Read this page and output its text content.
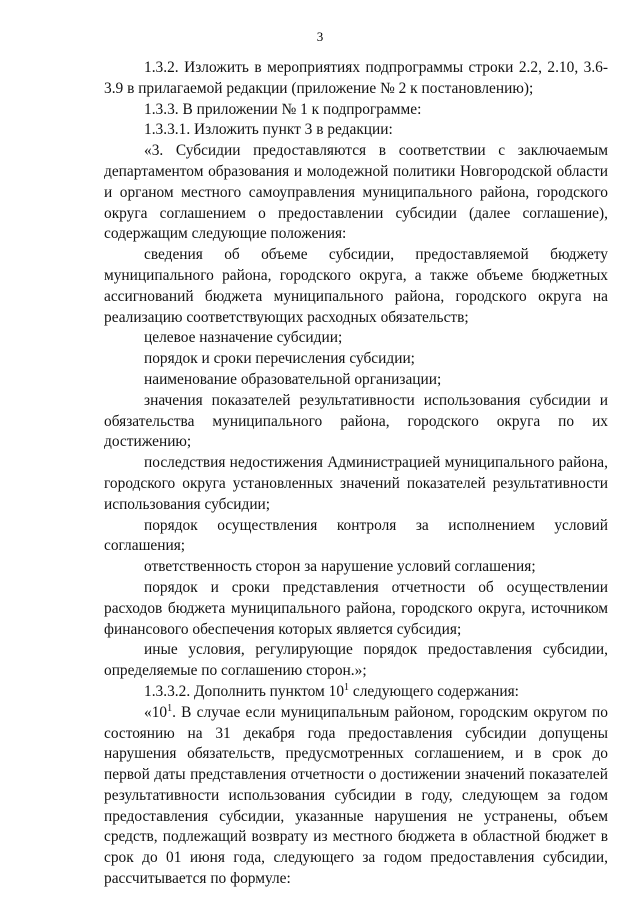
3

1.3.2. Изложить в мероприятиях подпрограммы строки 2.2, 2.10, 3.6-3.9 в прилагаемой редакции (приложение № 2 к постановлению);

1.3.3. В приложении № 1 к подпрограмме:

1.3.3.1. Изложить пункт 3 в редакции:

«3. Субсидии предоставляются в соответствии с заключаемым департаментом образования и молодежной политики Новгородской области и органом местного самоуправления муниципального района, городского округа соглашением о предоставлении субсидии (далее соглашение), содержащим следующие положения:

сведения об объеме субсидии, предоставляемой бюджету муниципального района, городского округа, а также объеме бюджетных ассигнований бюджета муниципального района, городского округа на реализацию соответствующих расходных обязательств;

целевое назначение субсидии;

порядок и сроки перечисления субсидии;

наименование образовательной организации;

значения показателей результативности использования субсидии и обязательства муниципального района, городского округа по их достижению;

последствия недостижения Администрацией муниципального района, городского округа установленных значений показателей результативности использования субсидии;

порядок осуществления контроля за исполнением условий соглашения;

ответственность сторон за нарушение условий соглашения;

порядок и сроки представления отчетности об осуществлении расходов бюджета муниципального района, городского округа, источником финансового обеспечения которых является субсидия;

иные условия, регулирующие порядок предоставления субсидии, определяемые по соглашению сторон.»;

1.3.3.2. Дополнить пунктом $10^1$ следующего содержания:

«$10^1$. В случае если муниципальным районом, городским округом по состоянию на 31 декабря года предоставления субсидии допущены нарушения обязательств, предусмотренных соглашением, и в срок до первой даты представления отчетности о достижении значений показателей результативности использования субсидии в году, следующем за годом предоставления субсидии, указанные нарушения не устранены, объем средств, подлежащий возврату из местного бюджета в областной бюджет в срок до 01 июня года, следующего за годом предоставления субсидии, рассчитывается по формуле:
